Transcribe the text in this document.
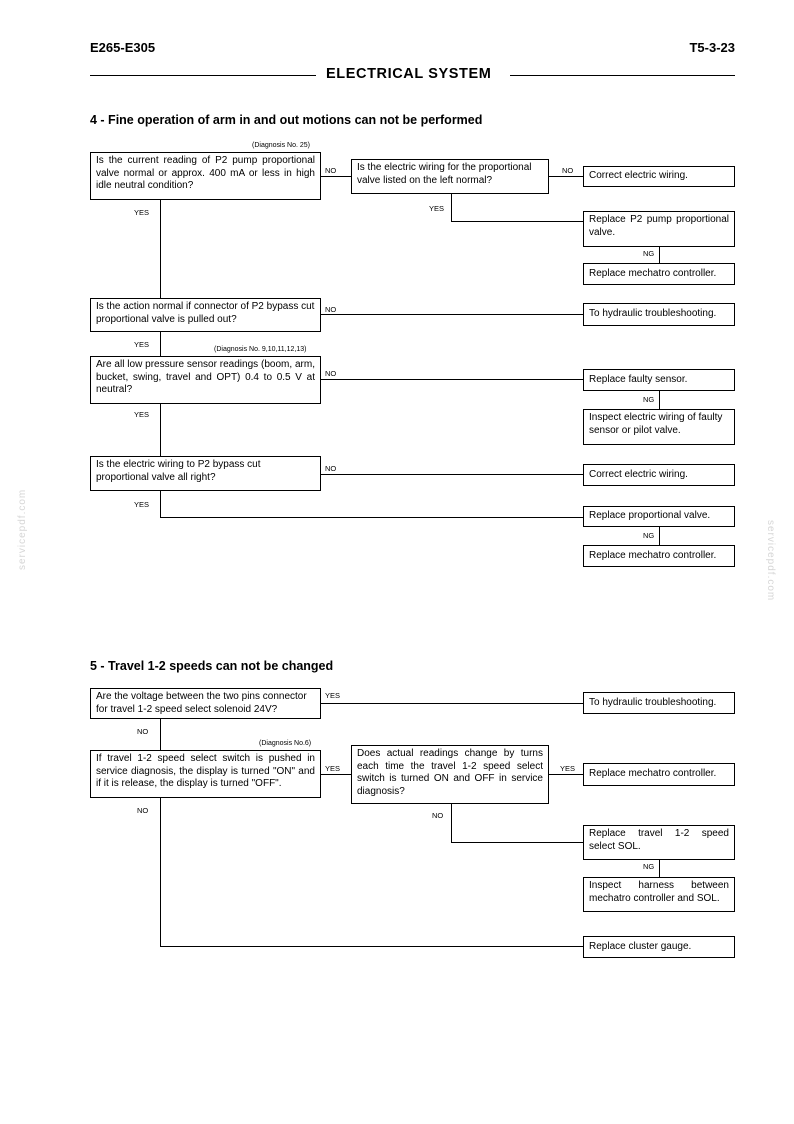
E265-E305	T5-3-23
ELECTRICAL SYSTEM
servicepdf.com	servicepdf.com
4 - Fine operation of arm in and out motions can not be performed
(Diagnosis No. 25)
Is the current reading of P2 pump proportional valve normal or approx. 400 mA or less in high idle neutral condition?
NO	Is the electric wiring for the proportional valve listed on the left normal?
NO	Correct electric wiring.
YES
YES
Replace P2 pump proportional valve.
NG
Replace mechatro controller.
Is the action normal if connector of P2 bypass cut proportional valve is pulled out?
NO	To hydraulic troubleshooting.
YES
(Diagnosis No. 9,10,11,12,13)
Are all low pressure sensor readings (boom, arm, bucket, swing, travel and OPT) 0.4 to 0.5 V at neutral?
NO
Replace faulty sensor.
NG
YES	Inspect electric wiring of faulty sensor or pilot valve.
Is the electric wiring to P2 bypass cut proportional valve all right?
NO
Correct electric wiring.
YES
Replace proportional valve.
NG
Replace mechatro controller.
5 - Travel 1-2 speeds can not be changed
Are the voltage between the two pins connector for travel 1-2 speed select solenoid 24V?
YES
To hydraulic troubleshooting.
NO
(Diagnosis No.6)
If travel 1-2 speed select switch is pushed in service diagnosis, the display is turned "ON" and if it is release, the display is turned "OFF".
YES
Does actual readings change by turns each time the travel 1-2 speed select switch is turned ON and OFF in service diagnosis?
YES	Replace mechatro controller.
NO
NO
Replace travel 1-2 speed select SOL.
NG
Inspect harness between mechatro controller and SOL.
Replace cluster gauge.
